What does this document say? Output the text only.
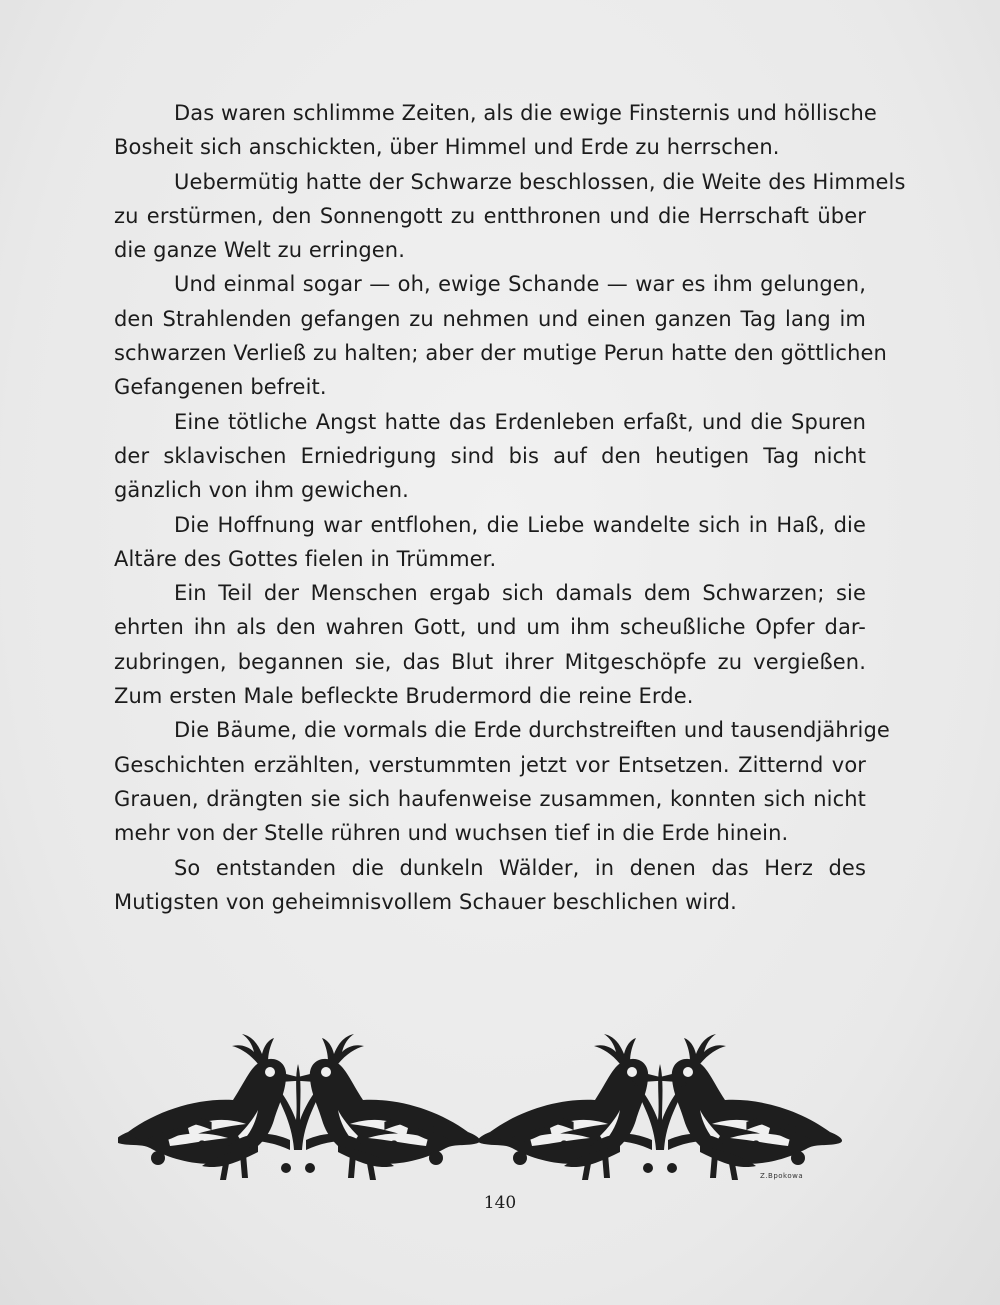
Das waren schlimme Zeiten, als die ewige Finsternis und höllische
Bosheit sich anschickten, über Himmel und Erde zu herrschen.
Uebermütig hatte der Schwarze beschlossen, die Weite des Himmels
zu erstürmen, den Sonnengott zu entthronen und die Herrschaft über
die ganze Welt zu erringen.
Und einmal sogar — oh, ewige Schande — war es ihm gelungen,
den Strahlenden gefangen zu nehmen und einen ganzen Tag lang im
schwarzen Verließ zu halten; aber der mutige Perun hatte den göttlichen
Gefangenen befreit.
Eine tötliche Angst hatte das Erdenleben erfaßt, und die Spuren
der sklavischen Erniedrigung sind bis auf den heutigen Tag nicht
gänzlich von ihm gewichen.
Die Hoffnung war entflohen, die Liebe wandelte sich in Haß, die
Altäre des Gottes fielen in Trümmer.
Ein Teil der Menschen ergab sich damals dem Schwarzen; sie
ehrten ihn als den wahren Gott, und um ihm scheußliche Opfer dar-
zubringen, begannen sie, das Blut ihrer Mitgeschöpfe zu vergießen.
Zum ersten Male befleckte Brudermord die reine Erde.
Die Bäume, die vormals die Erde durchstreiften und tausendjährige
Geschichten erzählten, verstummten jetzt vor Entsetzen. Zitternd vor
Grauen, drängten sie sich haufenweise zusammen, konnten sich nicht
mehr von der Stelle rühren und wuchsen tief in die Erde hinein.
So entstanden die dunkeln Wälder, in denen das Herz des
Mutigsten von geheimnisvollem Schauer beschlichen wird.
Z.Bpokowa
140
